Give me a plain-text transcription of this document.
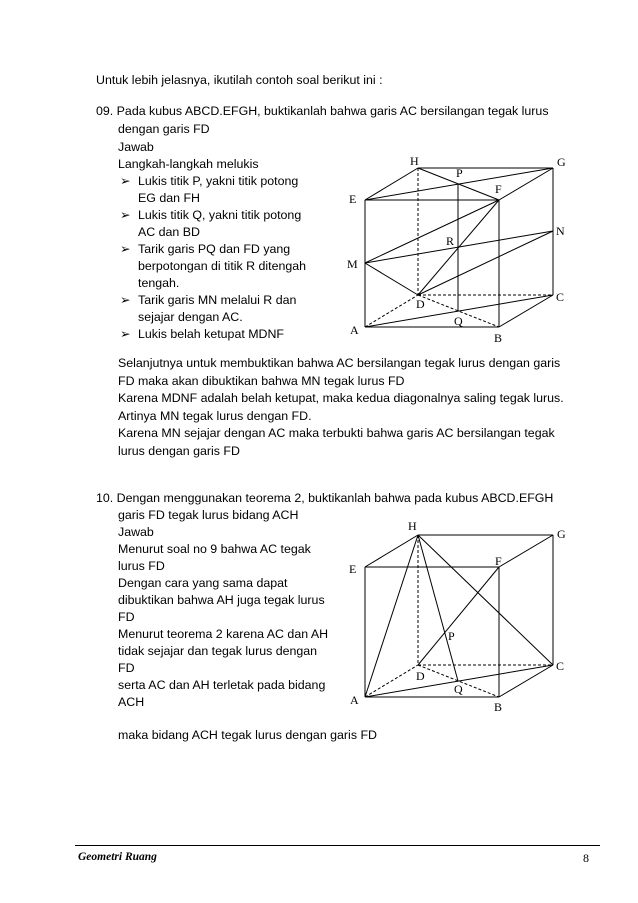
Untuk lebih jelasnya, ikutilah contoh soal berikut ini :
09. Pada kubus ABCD.EFGH, buktikanlah bahwa garis AC bersilangan tegak lurus
dengan garis FD
Jawab
Langkah-langkah melukis
➢ Lukis titik P, yakni titik potong
EG dan FH
➢ Lukis titik Q, yakni titik potong
AC dan BD
➢ Tarik garis PQ dan FD yang
berpotongan di titik R ditengah
tengah.
➢ Tarik garis MN melalui R dan
sejajar dengan AC.
➢ Lukis belah ketupat MDNF
Selanjutnya untuk membuktikan bahwa AC bersilangan tegak lurus dengan garis
FD maka akan dibuktikan bahwa MN tegak lurus FD
Karena MDNF adalah belah ketupat, maka kedua diagonalnya saling tegak lurus.
Artinya MN tegak lurus dengan FD.
Karena MN sejajar dengan AC maka terbukti bahwa garis AC bersilangan tegak
lurus dengan garis FD
10. Dengan menggunakan teorema 2, buktikanlah bahwa pada kubus ABCD.EFGH
garis FD tegak lurus bidang ACH
Jawab
Menurut soal no 9 bahwa AC tegak
lurus FD
Dengan cara yang sama dapat
dibuktikan bahwa AH juga tegak lurus
FD
Menurut teorema 2 karena AC dan AH
tidak sejajar dan tegak lurus dengan
FD
serta AC dan AH terletak pada bidang
ACH
maka bidang ACH tegak lurus dengan garis FD
H	G
P
E
F
R
N
M
D	C
Q
A
B
H
G
E
F
P
D
C
Q
A	B
Geometri Ruang	8
